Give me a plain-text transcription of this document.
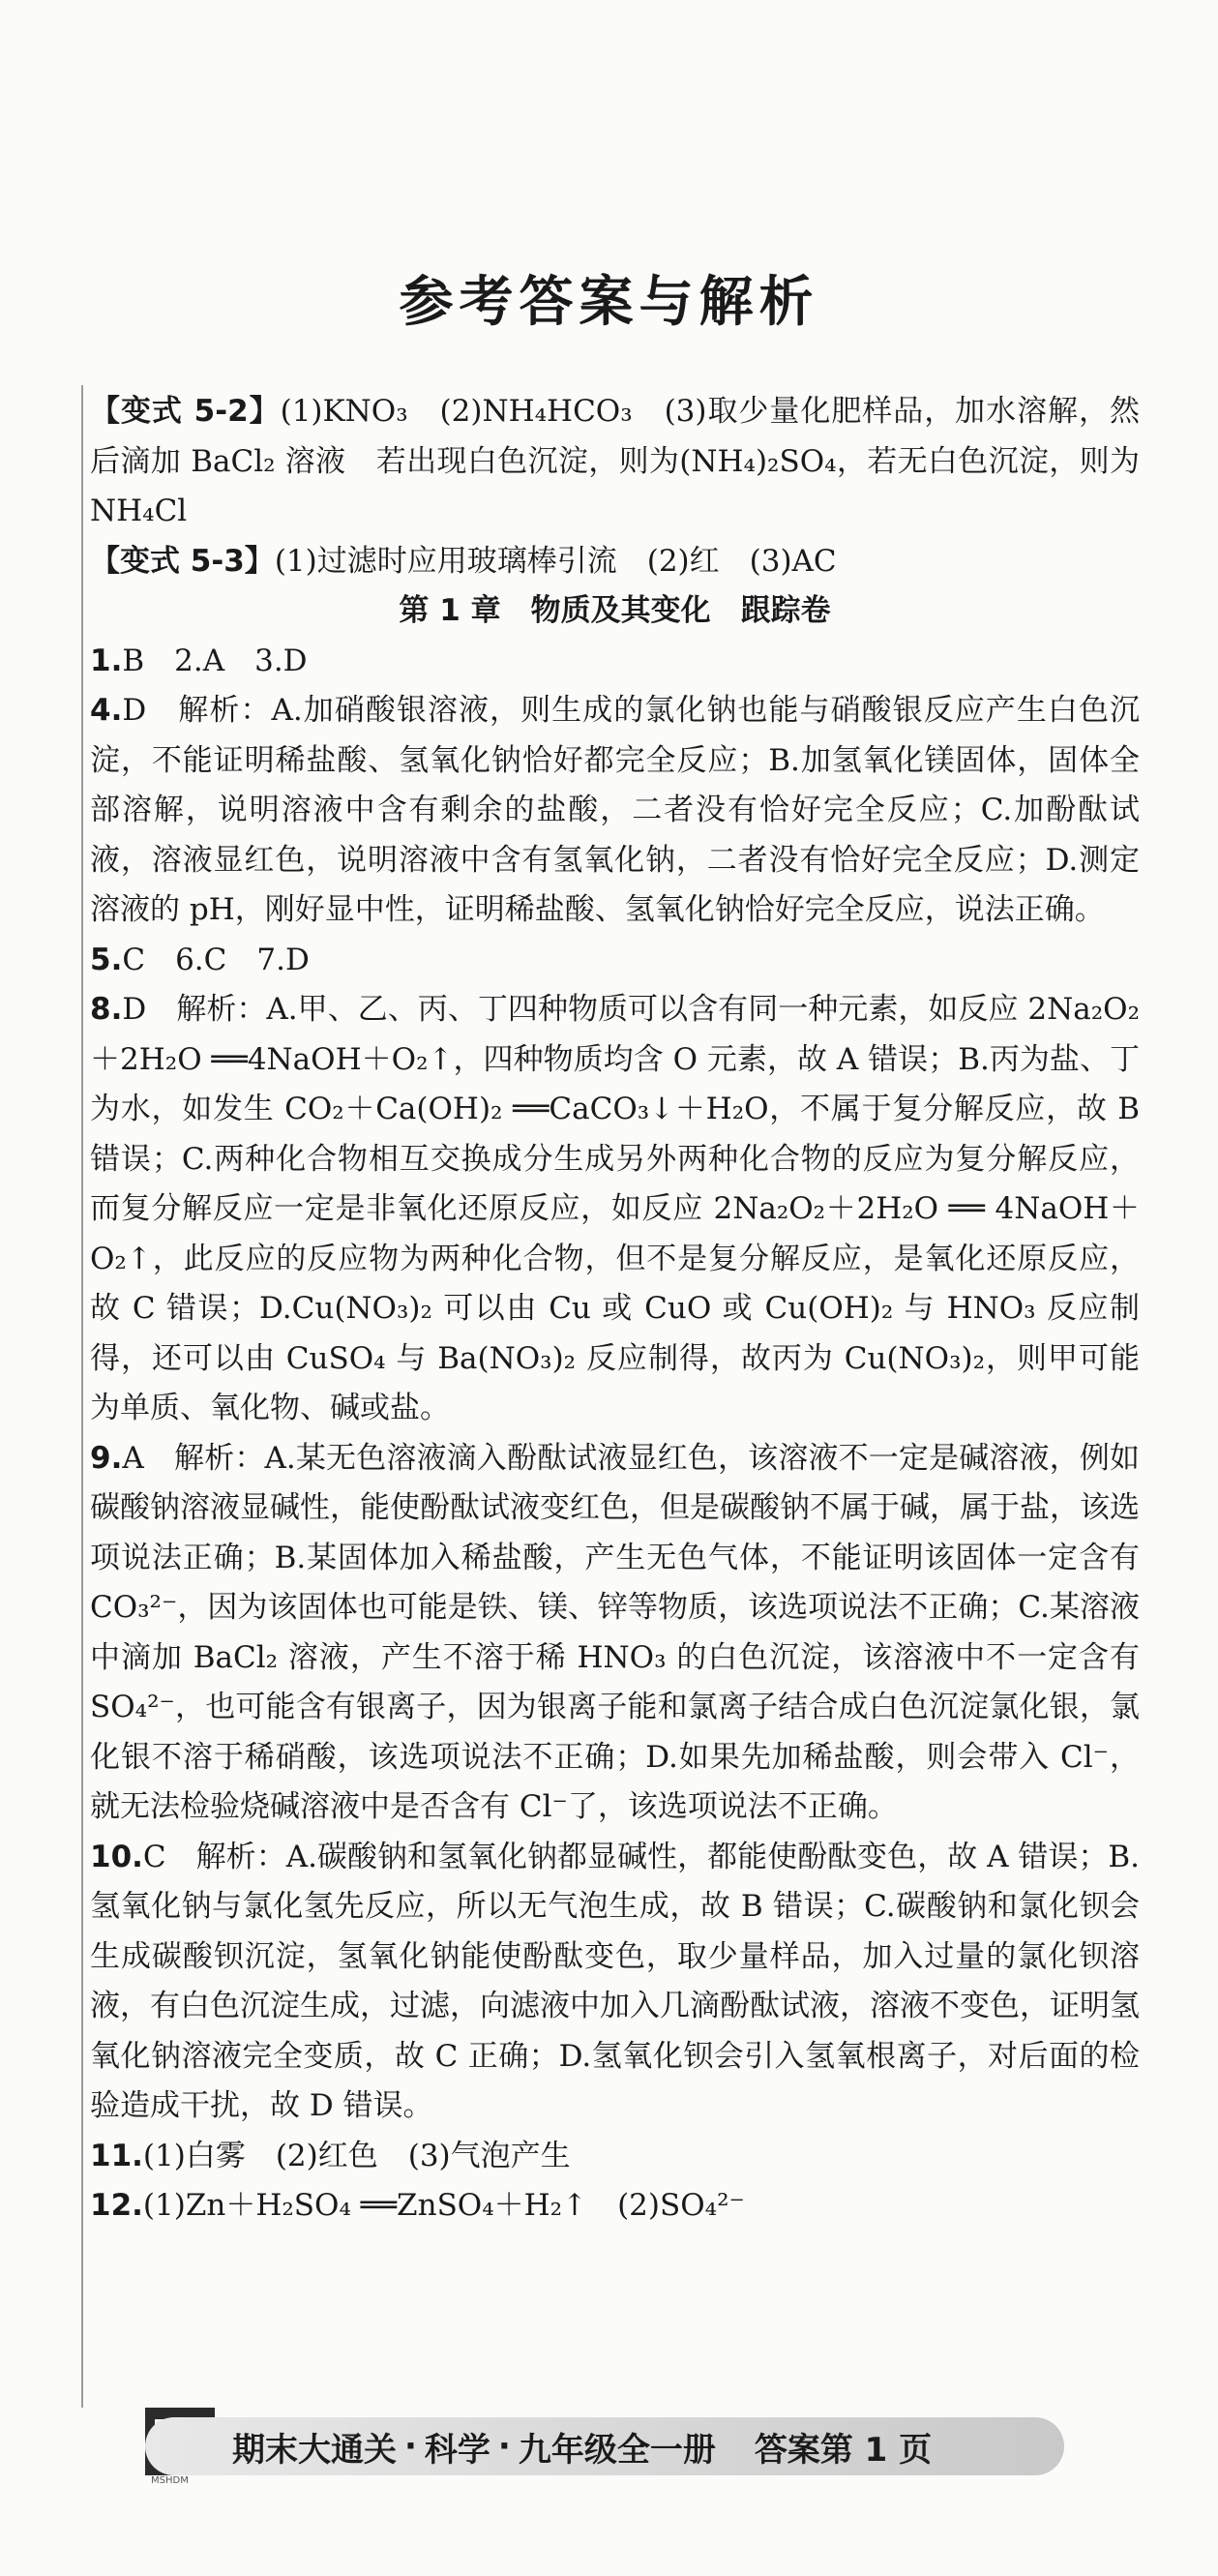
参考答案与解析

【变式 5-2】(1)KNO₃　(2)NH₄HCO₃　(3)取少量化肥样品，加水溶解，然后滴加 BaCl₂ 溶液　若出现白色沉淀，则为(NH₄)₂SO₄，若无白色沉淀，则为 NH₄Cl

【变式 5-3】(1)过滤时应用玻璃棒引流　(2)红　(3)AC

第 1 章　物质及其变化　跟踪卷

1.B　2.A　3.D

4.D　解析：A.加硝酸银溶液，则生成的氯化钠也能与硝酸银反应产生白色沉淀，不能证明稀盐酸、氢氧化钠恰好都完全反应；B.加氢氧化镁固体，固体全部溶解，说明溶液中含有剩余的盐酸，二者没有恰好完全反应；C.加酚酞试液，溶液显红色，说明溶液中含有氢氧化钠，二者没有恰好完全反应；D.测定溶液的 pH，刚好显中性，证明稀盐酸、氢氧化钠恰好完全反应，说法正确。

5.C　6.C　7.D

8.D　解析：A.甲、乙、丙、丁四种物质可以含有同一种元素，如反应 2Na₂O₂＋2H₂O ══4NaOH＋O₂↑，四种物质均含 O 元素，故 A 错误；B.丙为盐、丁为水，如发生 CO₂＋Ca(OH)₂ ══CaCO₃↓＋H₂O，不属于复分解反应，故 B 错误；C.两种化合物相互交换成分生成另外两种化合物的反应为复分解反应，而复分解反应一定是非氧化还原反应，如反应 2Na₂O₂＋2H₂O ══ 4NaOH＋O₂↑，此反应的反应物为两种化合物，但不是复分解反应，是氧化还原反应，故 C 错误；D.Cu(NO₃)₂ 可以由 Cu 或 CuO 或 Cu(OH)₂ 与 HNO₃ 反应制得，还可以由 CuSO₄ 与 Ba(NO₃)₂ 反应制得，故丙为 Cu(NO₃)₂，则甲可能为单质、氧化物、碱或盐。

9.A　解析：A.某无色溶液滴入酚酞试液显红色，该溶液不一定是碱溶液，例如碳酸钠溶液显碱性，能使酚酞试液变红色，但是碳酸钠不属于碱，属于盐，该选项说法正确；B.某固体加入稀盐酸，产生无色气体，不能证明该固体一定含有 CO₃²⁻，因为该固体也可能是铁、镁、锌等物质，该选项说法不正确；C.某溶液中滴加 BaCl₂ 溶液，产生不溶于稀 HNO₃ 的白色沉淀，该溶液中不一定含有 SO₄²⁻，也可能含有银离子，因为银离子能和氯离子结合成白色沉淀氯化银，氯化银不溶于稀硝酸，该选项说法不正确；D.如果先加稀盐酸，则会带入 Cl⁻，就无法检验烧碱溶液中是否含有 Cl⁻了，该选项说法不正确。

10.C　解析：A.碳酸钠和氢氧化钠都显碱性，都能使酚酞变色，故 A 错误；B.氢氧化钠与氯化氢先反应，所以无气泡生成，故 B 错误；C.碳酸钠和氯化钡会生成碳酸钡沉淀，氢氧化钠能使酚酞变色，取少量样品，加入过量的氯化钡溶液，有白色沉淀生成，过滤，向滤液中加入几滴酚酞试液，溶液不变色，证明氢氧化钠溶液完全变质，故 C 正确；D.氢氧化钡会引入氢氧根离子，对后面的检验造成干扰，故 D 错误。

11.(1)白雾　(2)红色　(3)气泡产生

12.(1)Zn＋H₂SO₄ ══ZnSO₄＋H₂↑　(2)SO₄²⁻

MSHDM
期末大通关 · 科学 · 九年级全一册 答案第 1 页
